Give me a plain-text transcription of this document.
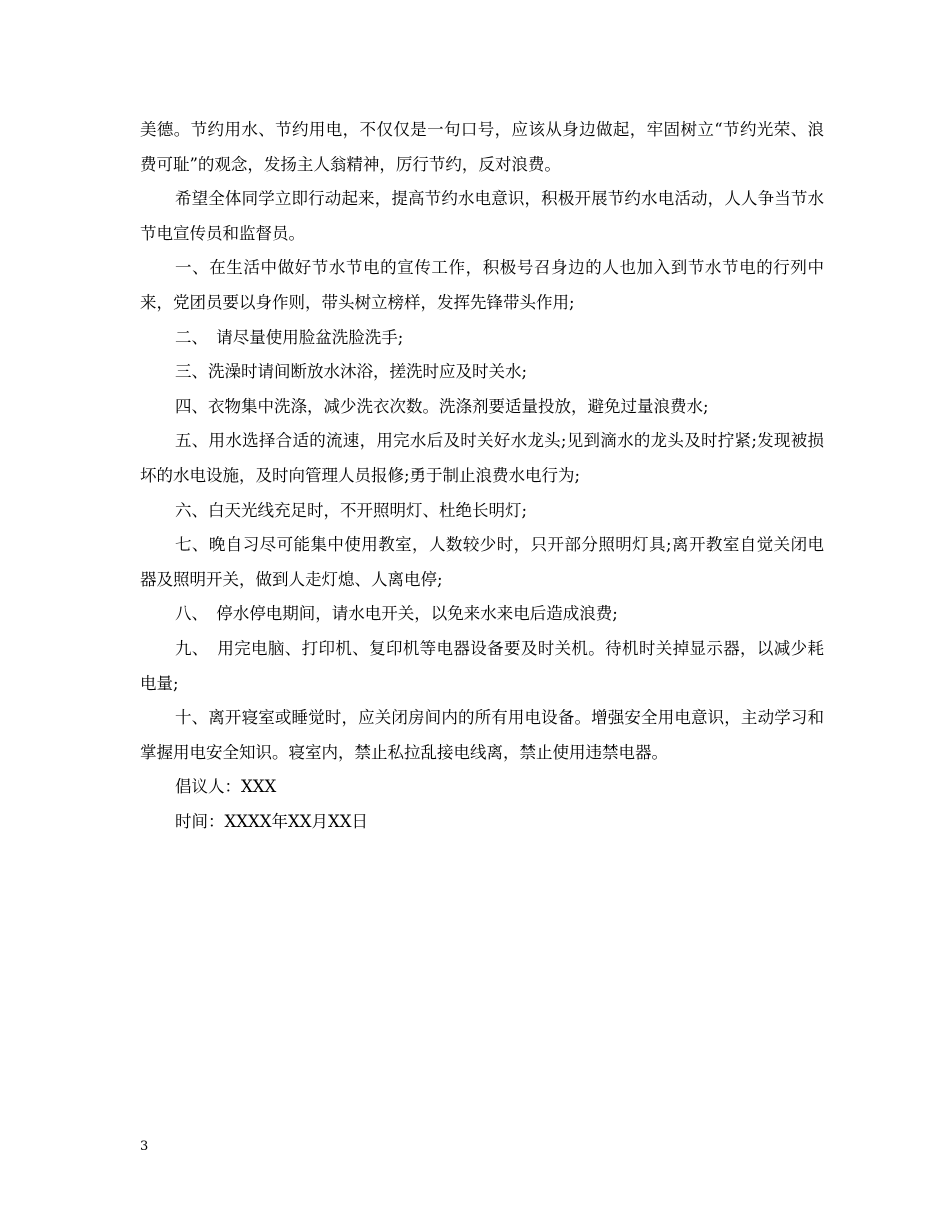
美德。节约用水、节约用电，不仅仅是一句口号，应该从身边做起，牢固树立“节约光荣、浪费可耻”的观念，发扬主人翁精神，厉行节约，反对浪费。

希望全体同学立即行动起来，提高节约水电意识，积极开展节约水电活动，人人争当节水节电宣传员和监督员。

一、在生活中做好节水节电的宣传工作，积极号召身边的人也加入到节水节电的行列中来，党团员要以身作则，带头树立榜样，发挥先锋带头作用;

二、　请尽量使用脸盆洗脸洗手;

三、洗澡时请间断放水沐浴，搓洗时应及时关水;

四、衣物集中洗涤，减少洗衣次数。洗涤剂要适量投放，避免过量浪费水;

五、用水选择合适的流速，用完水后及时关好水龙头;见到滴水的龙头及时拧紧;发现被损坏的水电设施，及时向管理人员报修;勇于制止浪费水电行为;

六、白天光线充足时，不开照明灯、杜绝长明灯;

七、晚自习尽可能集中使用教室，人数较少时，只开部分照明灯具;离开教室自觉关闭电器及照明开关，做到人走灯熄、人离电停;

八、　停水停电期间，请水电开关，以免来水来电后造成浪费;

九、　用完电脑、打印机、复印机等电器设备要及时关机。待机时关掉显示器，以减少耗电量;

十、离开寝室或睡觉时，应关闭房间内的所有用电设备。增强安全用电意识，主动学习和掌握用电安全知识。寝室内，禁止私拉乱接电线离，禁止使用违禁电器。

倡议人：XXX

时间：XXXX年XX月XX日

3
